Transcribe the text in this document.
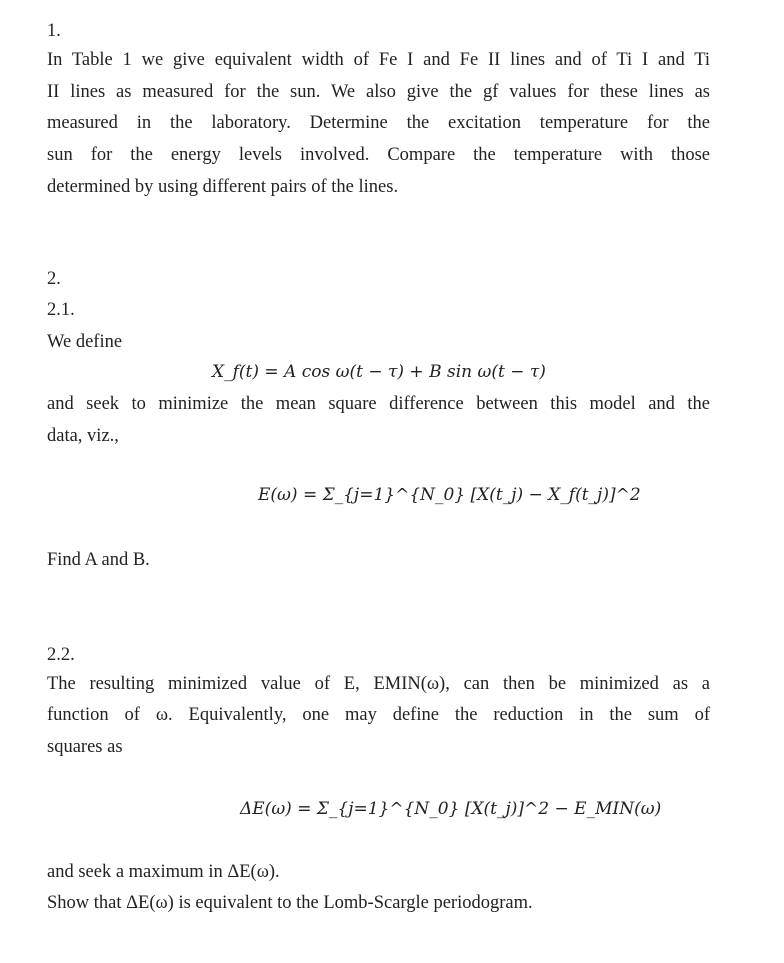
1.
In Table 1 we give equivalent width of Fe I and Fe II lines and of Ti I and Ti
II lines as measured for the sun. We also give the gf values for these lines as
measured in the laboratory. Determine the excitation temperature for the
sun for the energy levels involved. Compare the temperature with those
determined by using different pairs of the lines.
2.
2.1.
We define
X_f(t) = A cos ω(t − τ) + B sin ω(t − τ)
and seek to minimize the mean square difference between this model and the
data, viz.,
E(ω) = Σ_{j=1}^{N_0} [X(t_j) − X_f(t_j)]^2
Find A and B.
2.2.
The resulting minimized value of E, EMIN(ω), can then be minimized as a
function of ω. Equivalently, one may define the reduction in the sum of
squares as
ΔE(ω) = Σ_{j=1}^{N_0} [X(t_j)]^2 − E_MIN(ω)
and seek a maximum in ΔE(ω).
Show that ΔE(ω) is equivalent to the Lomb-Scargle periodogram.
